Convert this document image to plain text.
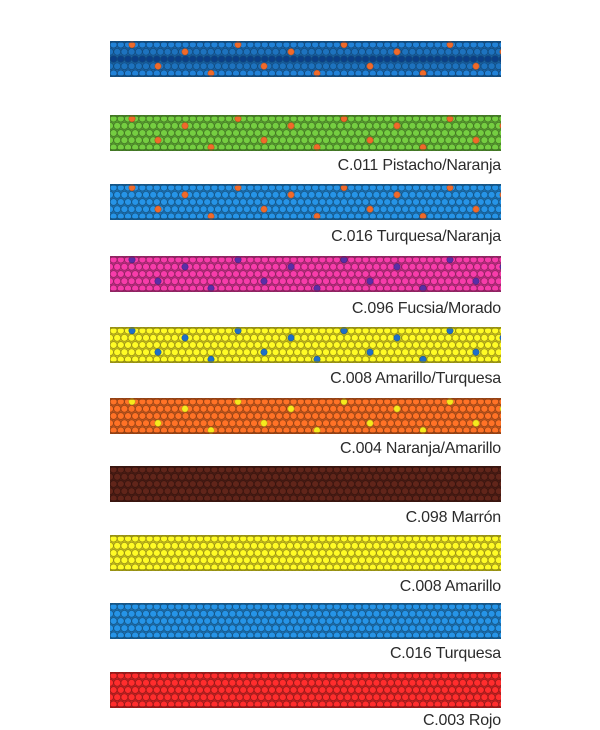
C.011 Pistacho/Naranja
C.016 Turquesa/Naranja
C.096 Fucsia/Morado
C.008 Amarillo/Turquesa
C.004 Naranja/Amarillo
C.098 Marrón
C.008 Amarillo
C.016 Turquesa
C.003 Rojo
